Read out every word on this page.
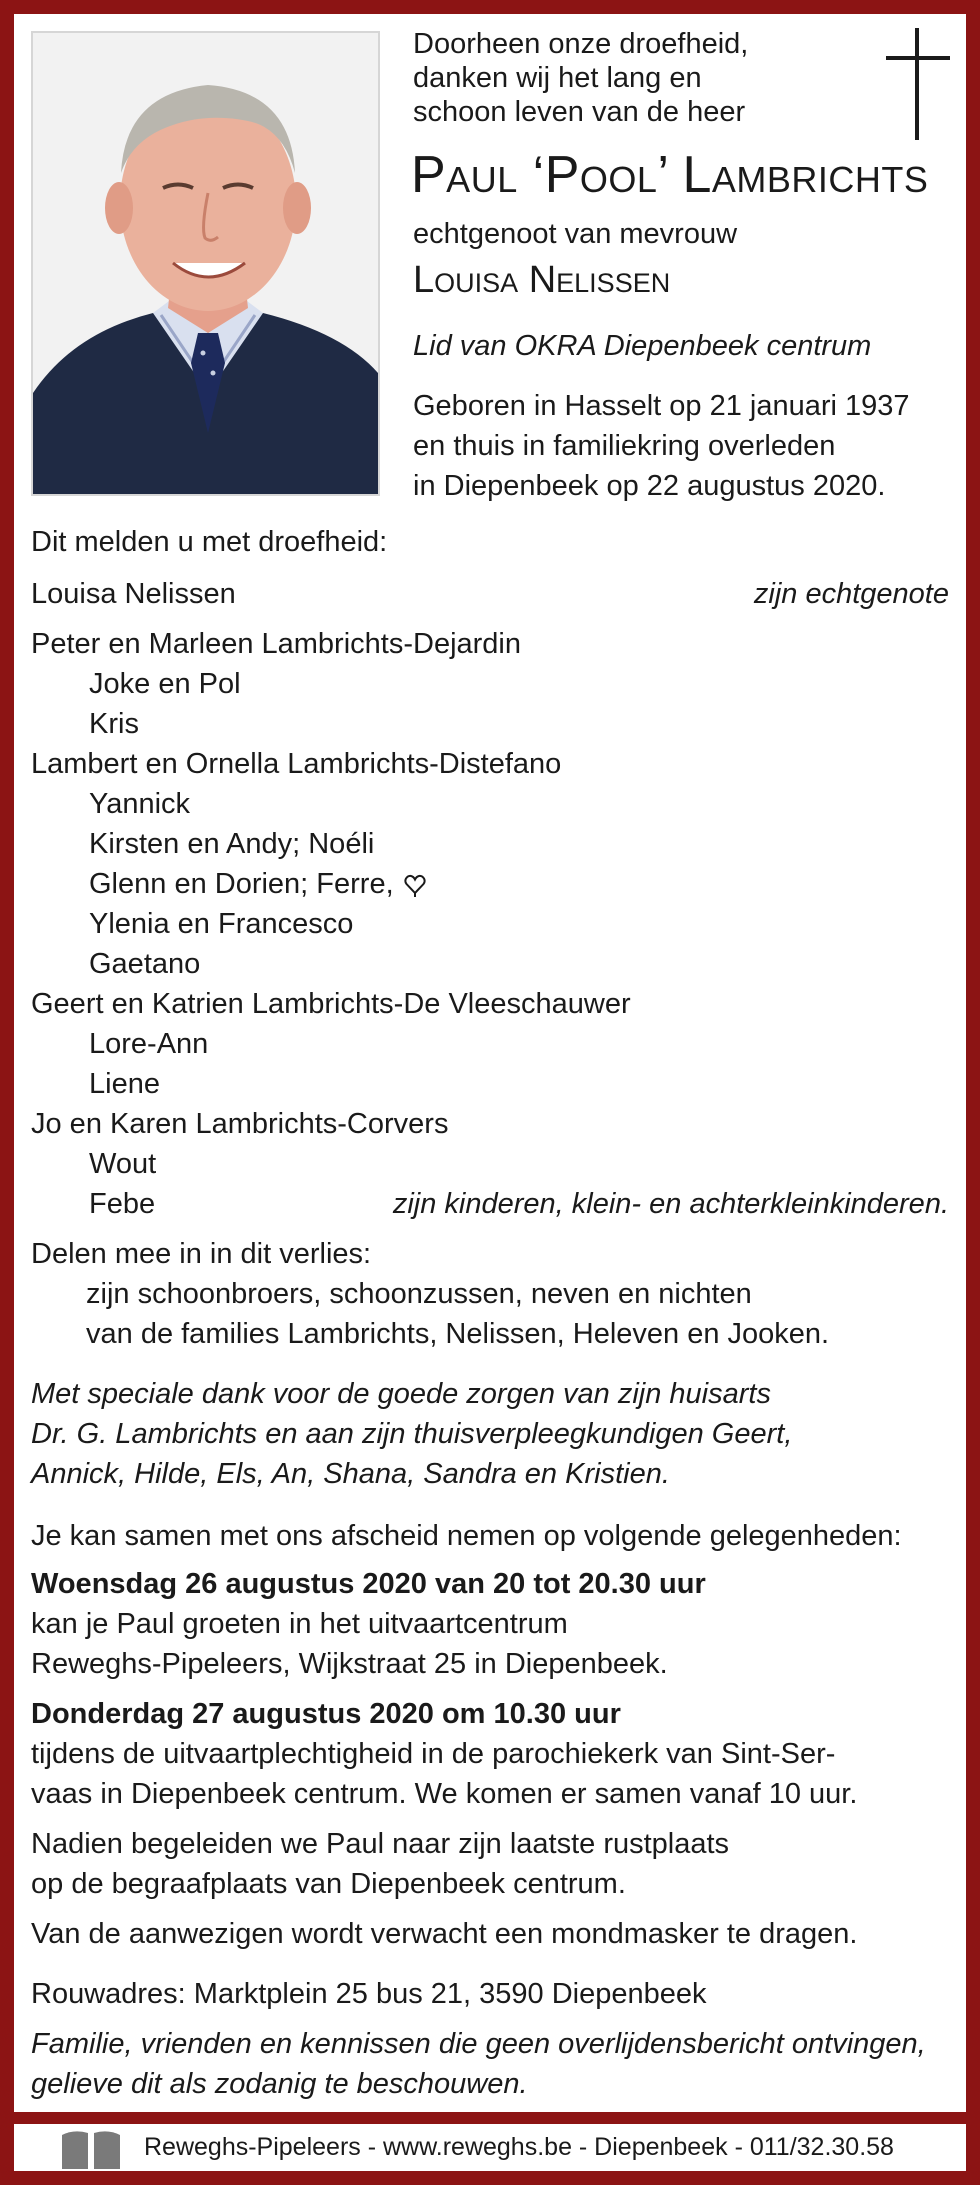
Doorheen onze droefheid,
danken wij het lang en
schoon leven van de heer
Paul ‘Pool’ Lambrichts
echtgenoot van mevrouw
Louisa Nelissen
Lid van OKRA Diepenbeek centrum
Geboren in Hasselt op 21 januari 1937
en thuis in familiekring overleden
in Diepenbeek op 22 augustus 2020.
Dit melden u met droefheid:
Louisa Nelissen	zijn echtgenote
Peter en Marleen Lambrichts-Dejardin
Joke en Pol
Kris
Lambert en Ornella Lambrichts-Distefano
Yannick
Kirsten en Andy; Noéli
Glenn en Dorien; Ferre,
Ylenia en Francesco
Gaetano
Geert en Katrien Lambrichts-De Vleeschauwer
Lore-Ann
Liene
Jo en Karen Lambrichts-Corvers
Wout
Febe	zijn kinderen, klein- en achterkleinkinderen.
Delen mee in in dit verlies:
zijn schoonbroers, schoonzussen, neven en nichten
van de families Lambrichts, Nelissen, Heleven en Jooken.
Met speciale dank voor de goede zorgen van zijn huisarts
Dr. G. Lambrichts en aan zijn thuisverpleegkundigen Geert,
Annick, Hilde, Els, An, Shana, Sandra en Kristien.
Je kan samen met ons afscheid nemen op volgende gelegenheden:
Woensdag 26 augustus 2020 van 20 tot 20.30 uur
kan je Paul groeten in het uitvaartcentrum
Reweghs-Pipeleers, Wijkstraat 25 in Diepenbeek.
Donderdag 27 augustus 2020 om 10.30 uur
tijdens de uitvaartplechtigheid in de parochiekerk van Sint-Ser-
vaas in Diepenbeek centrum. We komen er samen vanaf 10 uur.
Nadien begeleiden we Paul naar zijn laatste rustplaats
op de begraafplaats van Diepenbeek centrum.
Van de aanwezigen wordt verwacht een mondmasker te dragen.
Rouwadres: Marktplein 25 bus 21, 3590 Diepenbeek
Familie, vrienden en kennissen die geen overlijdensbericht ontvingen,
gelieve dit als zodanig te beschouwen.
Reweghs-Pipeleers - www.reweghs.be - Diepenbeek - 011/32.30.58
